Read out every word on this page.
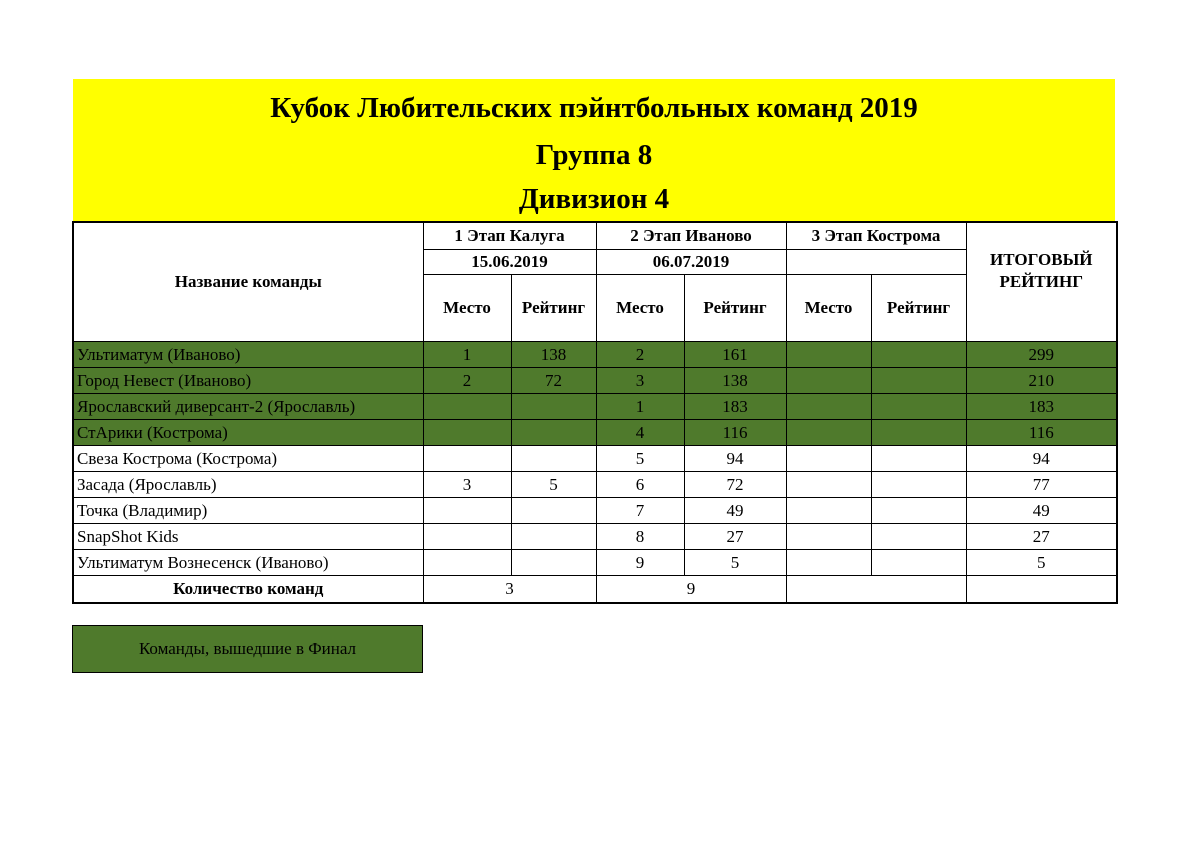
Кубок Любительских пэйнтбольных команд 2019
Группа 8
Дивизион 4
Название команды	1 Этап Калуга		2 Этап Иваново		3 Этап Кострома		ИТОГОВЫЙ РЕЙТИНГ
	15.06.2019		06.07.2019				
	Место	Рейтинг	Место	Рейтинг	Место	Рейтинг	
Ультиматум (Иваново)	1	138	2	161			299
Город Невест (Иваново)	2	72	3	138			210
Ярославский диверсант-2 (Ярославль)			1	183			183
СтАрики (Кострома)			4	116			116
Свеза Кострома (Кострома)			5	94			94
Засада (Ярославль)	3	5	6	72			77
Точка (Владимир)			7	49			49
SnapShot Kids			8	27			27
Ультиматум Вознесенск (Иваново)			9	5			5
Количество команд	3		9				
Команды, вышедшие в Финал
